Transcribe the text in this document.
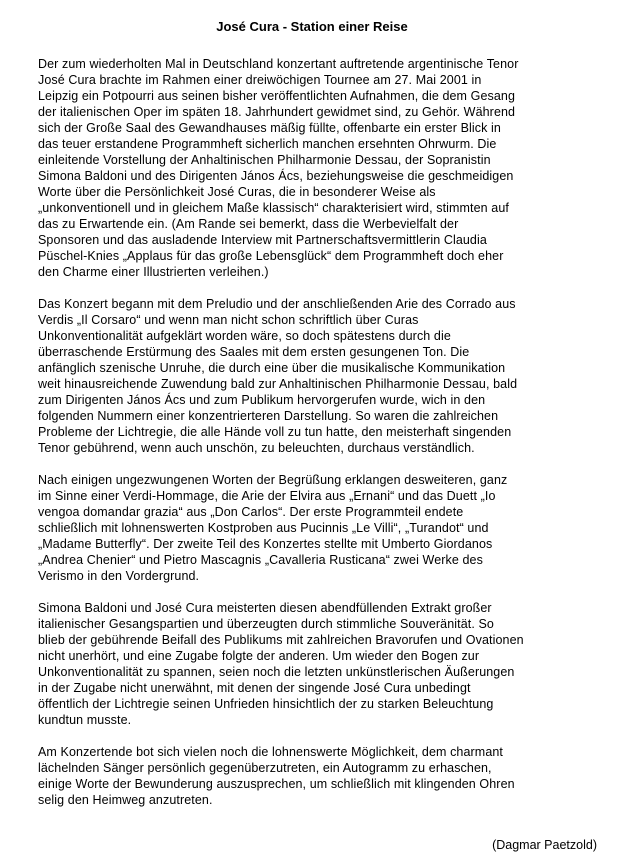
José Cura - Station einer Reise

Der zum wiederholten Mal in Deutschland konzertant auftretende argentinische Tenor
José Cura brachte im Rahmen einer dreiwöchigen Tournee am 27. Mai 2001 in
Leipzig ein Potpourri aus seinen bisher veröffentlichten Aufnahmen, die dem Gesang
der italienischen Oper im späten 18. Jahrhundert gewidmet sind, zu Gehör. Während
sich der Große Saal des Gewandhauses mäßig füllte, offenbarte ein erster Blick in
das teuer erstandene Programmheft sicherlich manchen ersehnten Ohrwurm. Die
einleitende Vorstellung der Anhaltinischen Philharmonie Dessau, der Sopranistin
Simona Baldoni und des Dirigenten János Ács, beziehungsweise die geschmeidigen
Worte über die Persönlichkeit José Curas, die in besonderer Weise als
„unkonventionell und in gleichem Maße klassisch“ charakterisiert wird, stimmten auf
das zu Erwartende ein. (Am Rande sei bemerkt, dass die Werbevielfalt der
Sponsoren und das ausladende Interview mit Partnerschaftsvermittlerin Claudia
Püschel-Knies „Applaus für das große Lebensglück“ dem Programmheft doch eher
den Charme einer Illustrierten verleihen.)

Das Konzert begann mit dem Preludio und der anschließenden Arie des Corrado aus
Verdis „Il Corsaro“ und wenn man nicht schon schriftlich über Curas
Unkonventionalität aufgeklärt worden wäre, so doch spätestens durch die
überraschende Erstürmung des Saales mit dem ersten gesungenen Ton. Die
anfänglich szenische Unruhe, die durch eine über die musikalische Kommunikation
weit hinausreichende Zuwendung bald zur Anhaltinischen Philharmonie Dessau, bald
zum Dirigenten János Ács und zum Publikum hervorgerufen wurde, wich in den
folgenden Nummern einer konzentrierteren Darstellung. So waren die zahlreichen
Probleme der Lichtregie, die alle Hände voll zu tun hatte, den meisterhaft singenden
Tenor gebührend, wenn auch unschön, zu beleuchten, durchaus verständlich.

Nach einigen ungezwungenen Worten der Begrüßung erklangen desweiteren, ganz
im Sinne einer Verdi-Hommage, die Arie der Elvira aus „Ernani“ und das Duett „Io
vengoa domandar grazia“ aus „Don Carlos“. Der erste Programmteil endete
schließlich mit lohnenswerten Kostproben aus Pucinnis „Le Villi“, „Turandot“ und
„Madame Butterfly“. Der zweite Teil des Konzertes stellte mit Umberto Giordanos
„Andrea Chenier“ und Pietro Mascagnis „Cavalleria Rusticana“ zwei Werke des
Verismo in den Vordergrund.

Simona Baldoni und José Cura meisterten diesen abendfüllenden Extrakt großer
italienischer Gesangspartien und überzeugten durch stimmliche Souveränität. So
blieb der gebührende Beifall des Publikums mit zahlreichen Bravorufen und Ovationen
nicht unerhört, und eine Zugabe folgte der anderen. Um wieder den Bogen zur
Unkonventionalität zu spannen, seien noch die letzten unkünstlerischen Äußerungen
in der Zugabe nicht unerwähnt, mit denen der singende José Cura unbedingt
öffentlich der Lichtregie seinen Unfrieden hinsichtlich der zu starken Beleuchtung
kundtun musste.

Am Konzertende bot sich vielen noch die lohnenswerte Möglichkeit, dem charmant
lächelnden Sänger persönlich gegenüberzutreten, ein Autogramm zu erhaschen,
einige Worte der Bewunderung auszusprechen, um schließlich mit klingenden Ohren
selig den Heimweg anzutreten.

(Dagmar Paetzold)
